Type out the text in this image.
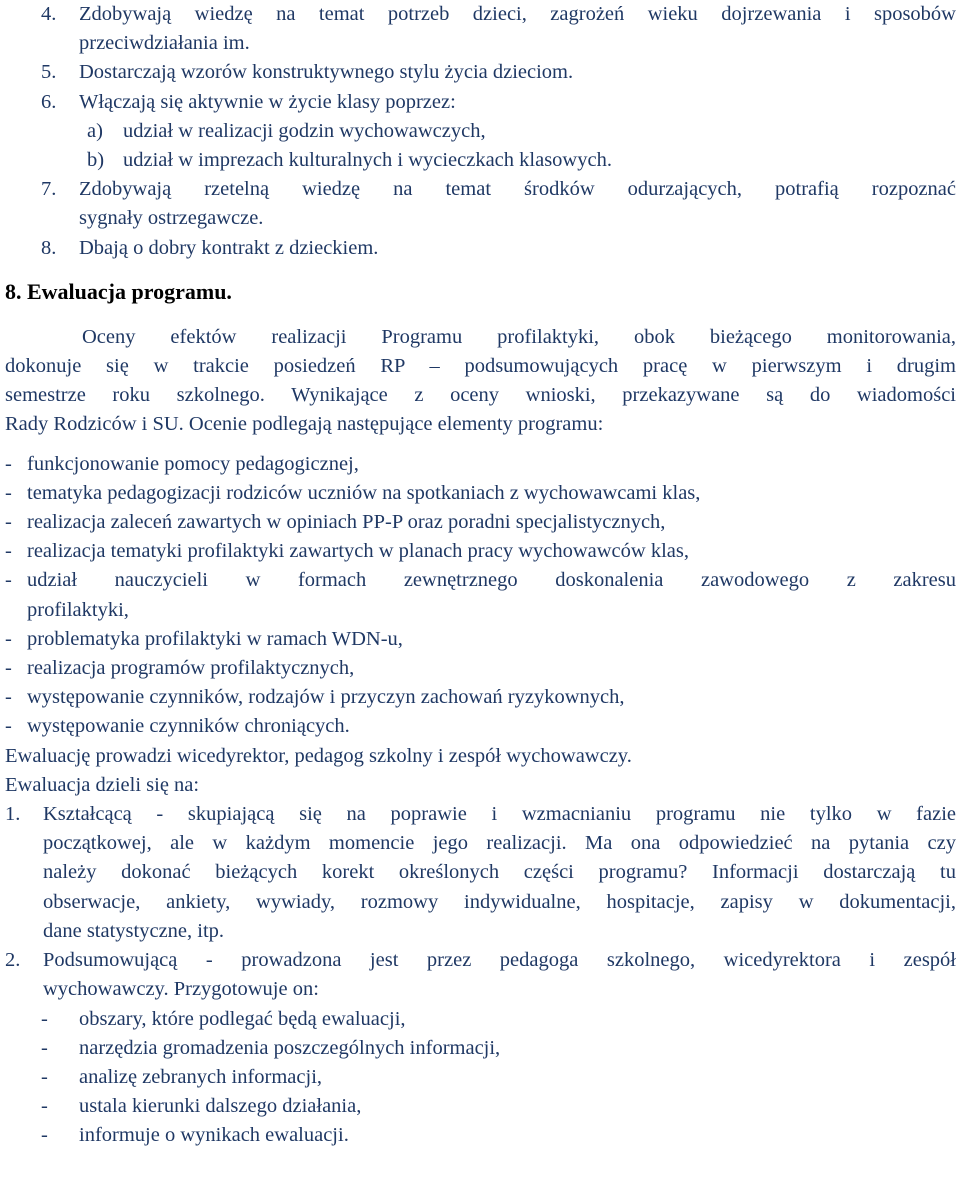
4.	Zdobywają wiedzę na temat potrzeb dzieci, zagrożeń wieku dojrzewania i sposobów
przeciwdziałania im.
5.	Dostarczają wzorów konstruktywnego stylu życia dzieciom.
6.	Włączają się aktywnie w życie klasy poprzez:
a) udział w realizacji godzin wychowawczych,
b) udział w imprezach kulturalnych i wycieczkach klasowych.
7.	Zdobywają rzetelną wiedzę na temat środków odurzających, potrafią rozpoznać
sygnały ostrzegawcze.
8.	Dbają o dobry kontrakt z dzieckiem.
8. Ewaluacja programu.
Oceny efektów realizacji Programu profilaktyki, obok bieżącego monitorowania,
dokonuje się w trakcie posiedzeń RP – podsumowujących pracę w pierwszym i drugim
semestrze roku szkolnego. Wynikające z oceny wnioski, przekazywane są do wiadomości
Rady Rodziców i SU. Ocenie podlegają następujące elementy programu:
- funkcjonowanie pomocy pedagogicznej,
- tematyka pedagogizacji rodziców uczniów na spotkaniach z wychowawcami klas,
- realizacja zaleceń zawartych w opiniach PP-P oraz poradni specjalistycznych,
- realizacja tematyki profilaktyki zawartych w planach pracy wychowawców klas,
- udział nauczycieli w formach zewnętrznego doskonalenia zawodowego z zakresu
profilaktyki,
- problematyka profilaktyki w ramach WDN-u,
- realizacja programów profilaktycznych,
- występowanie czynników, rodzajów i przyczyn zachowań ryzykownych,
- występowanie czynników chroniących.
Ewaluację prowadzi wicedyrektor, pedagog szkolny i zespół wychowawczy.
Ewaluacja dzieli się na:
1.	Kształcącą - skupiającą się na poprawie i wzmacnianiu programu nie tylko w fazie
początkowej, ale w każdym momencie jego realizacji. Ma ona odpowiedzieć na pytania czy
należy dokonać bieżących korekt określonych części programu? Informacji dostarczają tu
obserwacje, ankiety, wywiady, rozmowy indywidualne, hospitacje, zapisy w dokumentacji,
dane statystyczne, itp.
2.	Podsumowującą - prowadzona jest przez pedagoga szkolnego, wicedyrektora i zespół
wychowawczy. Przygotowuje on:
-	obszary, które podlegać będą ewaluacji,
-	narzędzia gromadzenia poszczególnych informacji,
-	analizę zebranych informacji,
-	ustala kierunki dalszego działania,
-	informuje o wynikach ewaluacji.
